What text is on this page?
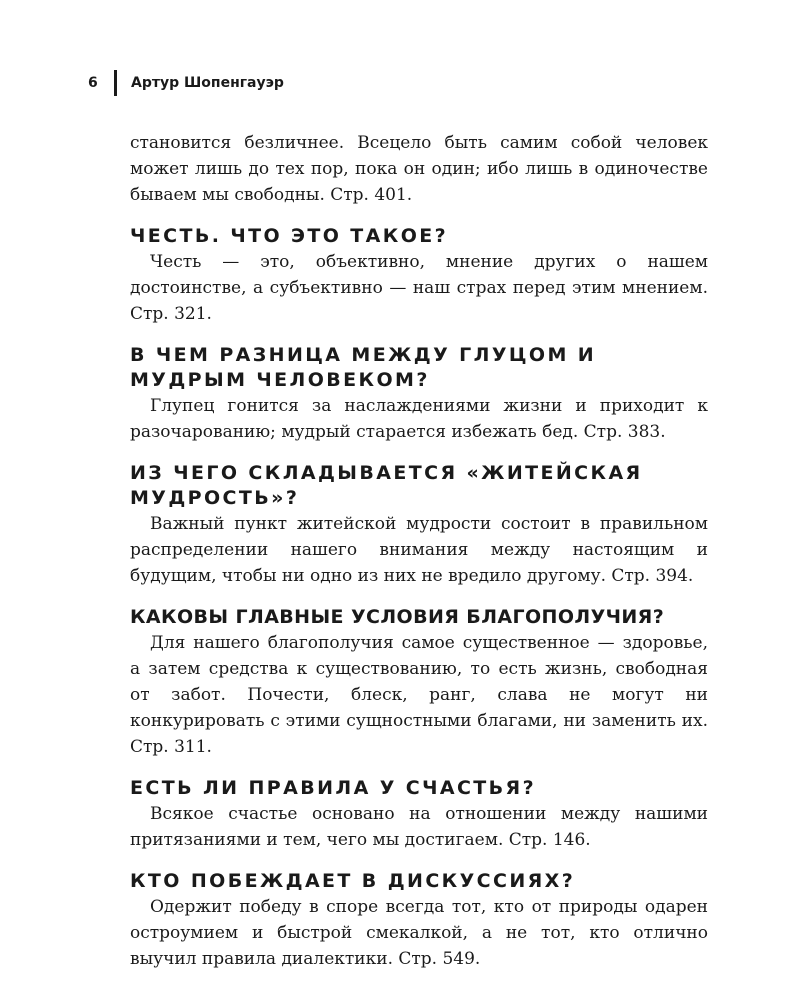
6	Артур Шопенгауэр

становится безличнее. Всецело быть самим собой человек может лишь до тех пор, пока он один; ибо лишь в одиночестве бываем мы свободны. Стр. 401.

ЧЕСТЬ. ЧТО ЭТО ТАКОЕ?

Честь — это, объективно, мнение других о нашем достоинстве, а субъективно — наш страх перед этим мнением. Стр. 321.

В ЧЕМ РАЗНИЦА МЕЖДУ ГЛУЦОМ И МУДРЫМ ЧЕЛОВЕКОМ?

Глупец гонится за наслаждениями жизни и приходит к разочарованию; мудрый старается избежать бед. Стр. 383.

ИЗ ЧЕГО СКЛАДЫВАЕТСЯ «ЖИТЕЙСКАЯ МУДРОСТЬ»?

Важный пункт житейской мудрости состоит в правильном распределении нашего внимания между настоящим и будущим, чтобы ни одно из них не вредило другому. Стр. 394.

КАКОВЫ ГЛАВНЫЕ УСЛОВИЯ БЛАГОПОЛУЧИЯ?

Для нашего благополучия самое существенное — здоровье, а затем средства к существованию, то есть жизнь, свободная от забот. Почести, блеск, ранг, слава не могут ни конкурировать с этими сущностными благами, ни заменить их. Стр. 311.

ЕСТЬ ЛИ ПРАВИЛА У СЧАСТЬЯ?

Всякое счастье основано на отношении между нашими притязаниями и тем, чего мы достигаем. Стр. 146.

КТО ПОБЕЖДАЕТ В ДИСКУССИЯХ?

Одержит победу в споре всегда тот, кто от природы одарен остроумием и быстрой смекалкой, а не тот, кто отлично выучил правила диалектики. Стр. 549.
